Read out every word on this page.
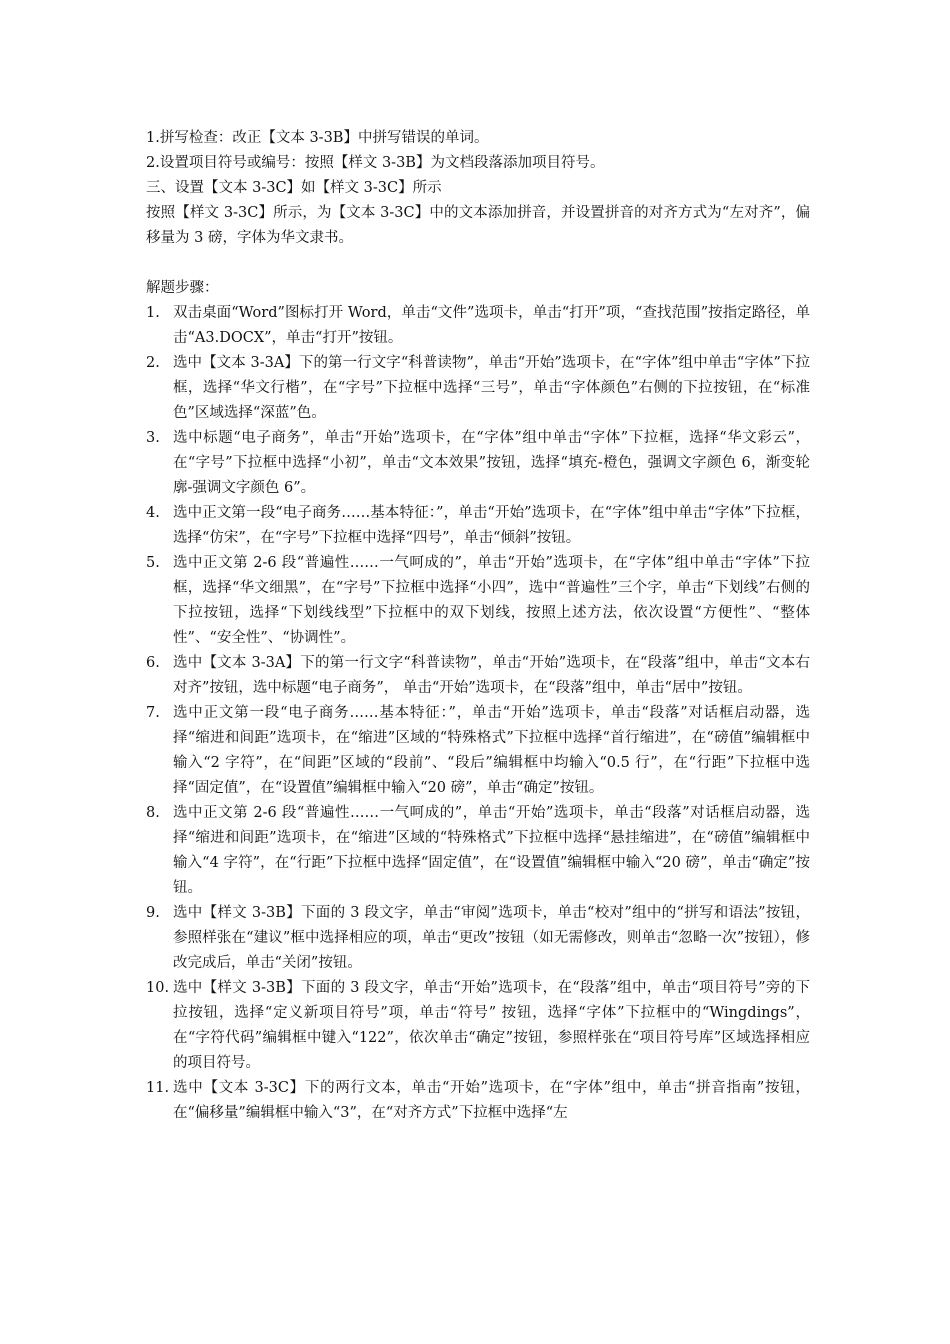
1.拼写检查：改正【文本 3-3B】中拼写错误的单词。

2.设置项目符号或编号：按照【样文 3-3B】为文档段落添加项目符号。

三、设置【文本 3-3C】如【样文 3-3C】所示

按照【样文 3-3C】所示，为【文本 3-3C】中的文本添加拼音，并设置拼音的对齐方式为“左对齐”，偏移量为 3 磅，字体为华文隶书。

解题步骤：

1. 双击桌面“Word”图标打开 Word，单击“文件”选项卡，单击“打开”项，“查找范围”按指定路径，单击“A3.DOCX”，单击“打开”按钮。
2. 选中【文本 3-3A】下的第一行文字“科普读物”，单击“开始”选项卡，在“字体”组中单击“字体”下拉框，选择“华文行楷”，在“字号”下拉框中选择“三号”，单击“字体颜色”右侧的下拉按钮，在“标准色”区域选择“深蓝”色。
3. 选中标题“电子商务”，单击“开始”选项卡，在“字体”组中单击“字体”下拉框，选择“华文彩云”，在“字号”下拉框中选择“小初”，单击“文本效果”按钮，选择“填充-橙色，强调文字颜色 6，渐变轮廓-强调文字颜色 6”。
4. 选中正文第一段“电子商务……基本特征：”，单击“开始”选项卡，在“字体”组中单击“字体”下拉框，选择“仿宋”，在“字号”下拉框中选择“四号”，单击“倾斜”按钮。
5. 选中正文第 2-6 段“普遍性……一气呵成的”，单击“开始”选项卡，在“字体”组中单击“字体”下拉框，选择“华文细黑”，在“字号”下拉框中选择“小四”，选中“普遍性”三个字，单击“下划线”右侧的下拉按钮，选择“下划线线型”下拉框中的双下划线，按照上述方法，依次设置“方便性”、“整体性”、“安全性”、“协调性”。
6. 选中【文本 3-3A】下的第一行文字“科普读物”，单击“开始”选项卡，在“段落”组中，单击“文本右对齐”按钮，选中标题“电子商务”， 单击“开始”选项卡，在“段落”组中，单击“居中”按钮。
7. 选中正文第一段“电子商务……基本特征：”，单击“开始”选项卡，单击“段落”对话框启动器，选择“缩进和间距”选项卡，在“缩进”区域的“特殊格式”下拉框中选择“首行缩进”，在“磅值”编辑框中输入“2 字符”，在“间距”区域的“段前”、“段后”编辑框中均输入“0.5 行”，在“行距”下拉框中选择“固定值”，在“设置值”编辑框中输入“20 磅”，单击“确定”按钮。
8. 选中正文第 2-6 段“普遍性……一气呵成的”，单击“开始”选项卡，单击“段落”对话框启动器，选择“缩进和间距”选项卡，在“缩进”区域的“特殊格式”下拉框中选择“悬挂缩进”，在“磅值”编辑框中输入“4 字符”，在“行距”下拉框中选择“固定值”，在“设置值”编辑框中输入“20 磅”，单击“确定”按钮。
9. 选中【样文 3-3B】下面的 3 段文字，单击“审阅”选项卡，单击“校对”组中的“拼写和语法”按钮，参照样张在“建议”框中选择相应的项，单击“更改”按钮（如无需修改，则单击“忽略一次”按钮），修改完成后，单击“关闭”按钮。
10. 选中【样文 3-3B】下面的 3 段文字，单击“开始”选项卡，在“段落”组中，单击“项目符号”旁的下拉按钮，选择“定义新项目符号”项，单击“符号” 按钮，选择“字体”下拉框中的“Wingdings”，在“字符代码”编辑框中键入“122”，依次单击“确定”按钮，参照样张在“项目符号库”区域选择相应的项目符号。
11. 选中【文本 3-3C】下的两行文本，单击“开始”选项卡，在“字体”组中，单击“拼音指南”按钮，在“偏移量”编辑框中输入“3”，在“对齐方式”下拉框中选择“左
